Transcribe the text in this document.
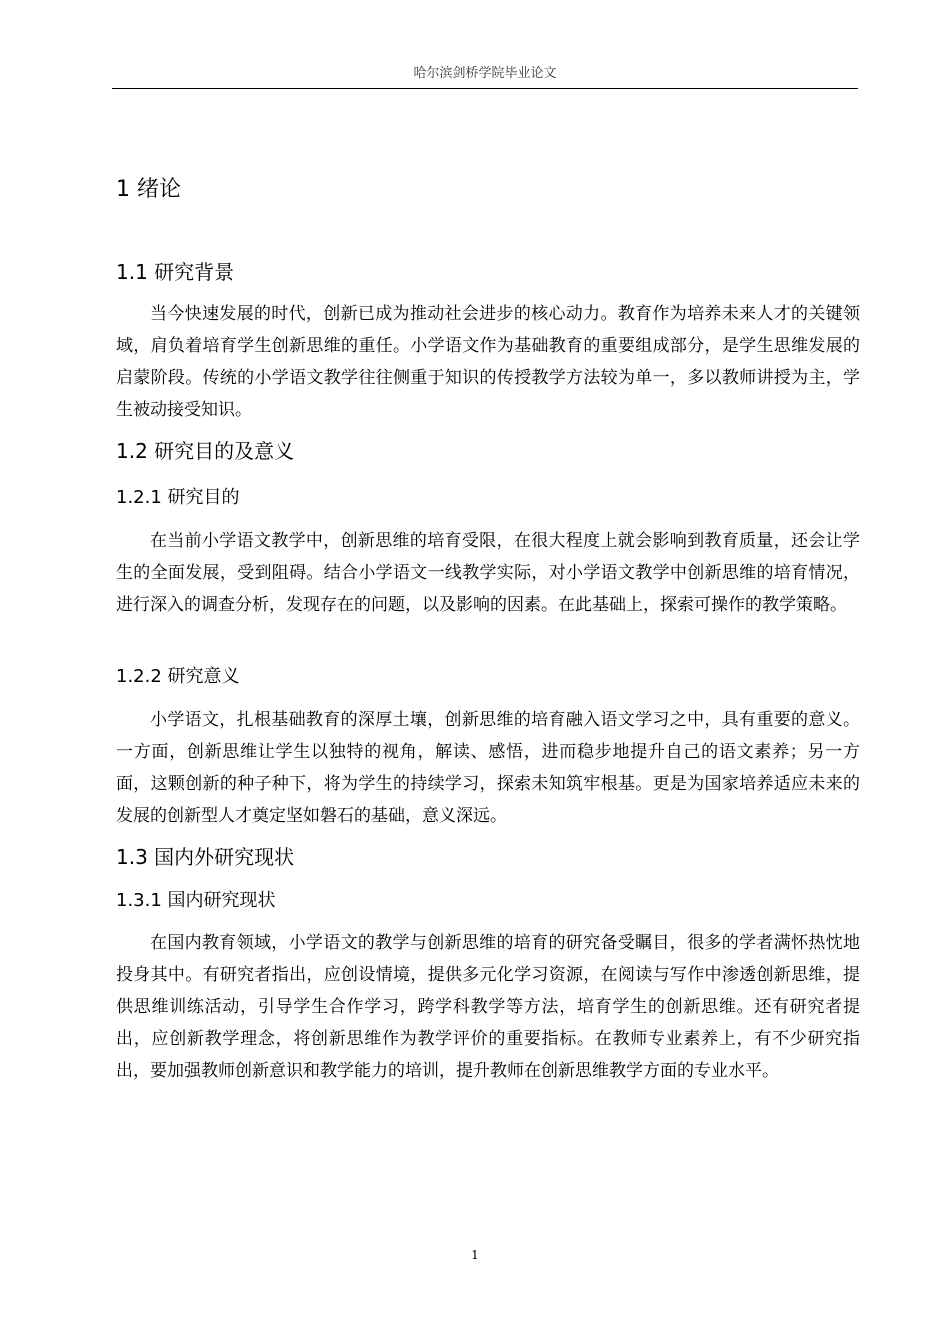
哈尔滨剑桥学院毕业论文
1 绪论
1.1 研究背景

当今快速发展的时代，创新已成为推动社会进步的核心动力。教育作为培养未来人才的关键领域，肩负着培育学生创新思维的重任。小学语文作为基础教育的重要组成部分，是学生思维发展的启蒙阶段。传统的小学语文教学往往侧重于知识的传授教学方法较为单一，多以教师讲授为主，学生被动接受知识。

1.2 研究目的及意义
1.2.1 研究目的

在当前小学语文教学中，创新思维的培育受限，在很大程度上就会影响到教育质量，还会让学生的全面发展，受到阻碍。结合小学语文一线教学实际，对小学语文教学中创新思维的培育情况，进行深入的调查分析，发现存在的问题，以及影响的因素。在此基础上，探索可操作的教学策略。

1.2.2 研究意义

小学语文，扎根基础教育的深厚土壤，创新思维的培育融入语文学习之中，具有重要的意义。一方面，创新思维让学生以独特的视角，解读、感悟，进而稳步地提升自己的语文素养；另一方面，这颗创新的种子种下，将为学生的持续学习，探索未知筑牢根基。更是为国家培养适应未来的发展的创新型人才奠定坚如磐石的基础，意义深远。

1.3 国内外研究现状
1.3.1 国内研究现状

在国内教育领域，小学语文的教学与创新思维的培育的研究备受瞩目，很多的学者满怀热忱地投身其中。有研究者指出，应创设情境，提供多元化学习资源，在阅读与写作中渗透创新思维，提供思维训练活动，引导学生合作学习，跨学科教学等方法，培育学生的创新思维。还有研究者提出，应创新教学理念，将创新思维作为教学评价的重要指标。在教师专业素养上，有不少研究指出，要加强教师创新意识和教学能力的培训，提升教师在创新思维教学方面的专业水平。

1
